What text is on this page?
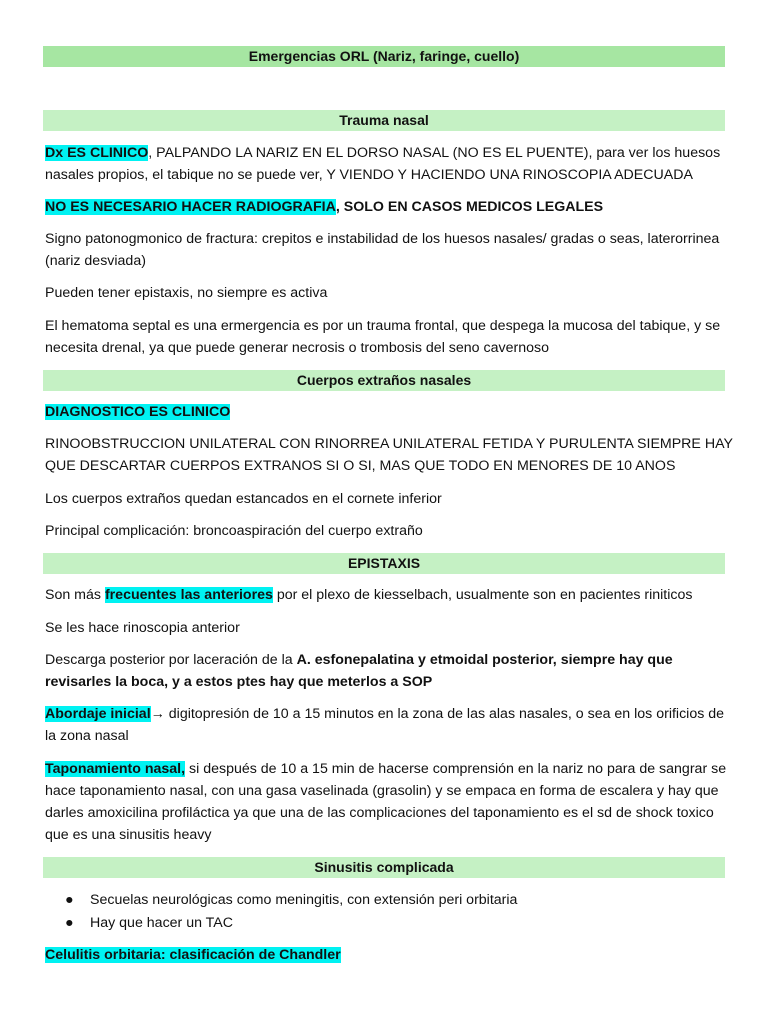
Emergencias ORL (Nariz, faringe, cuello)
Trauma nasal

Dx ES CLINICO, PALPANDO LA NARIZ EN EL DORSO NASAL (NO ES EL PUENTE), para ver los huesos nasales propios, el tabique no se puede ver, Y VIENDO Y HACIENDO UNA RINOSCOPIA ADECUADA

NO ES NECESARIO HACER RADIOGRAFIA, SOLO EN CASOS MEDICOS LEGALES

Signo patonogmonico de fractura: crepitos e instabilidad de los huesos nasales/ gradas o seas, laterorrinea (nariz desviada)

Pueden tener epistaxis, no siempre es activa

El hematoma septal es una ermergencia es por un trauma frontal, que despega la mucosa del tabique, y se necesita drenal, ya que puede generar necrosis o trombosis del seno cavernoso

Cuerpos extraños nasales

DIAGNOSTICO ES CLINICO

RINOOBSTRUCCION UNILATERAL CON RINORREA UNILATERAL FETIDA Y PURULENTA SIEMPRE HAY QUE DESCARTAR CUERPOS EXTRANOS SI O SI, MAS QUE TODO EN MENORES DE 10 ANOS

Los cuerpos extraños quedan estancados en el cornete inferior

Principal complicación: broncoaspiración del cuerpo extraño

EPISTAXIS

Son más frecuentes las anteriores por el plexo de kiesselbach, usualmente son en pacientes riniticos

Se les hace rinoscopia anterior

Descarga posterior por laceración de la A. esfonepalatina y etmoidal posterior, siempre hay que revisarles la boca, y a estos ptes hay que meterlos a SOP

Abordaje inicial→ digitopresión de 10 a 15 minutos en la zona de las alas nasales, o sea en los orificios de la zona nasal

Taponamiento nasal, si después de 10 a 15 min de hacerse comprensión en la nariz no para de sangrar se hace taponamiento nasal, con una gasa vaselinada (grasolin) y se empaca en forma de escalera y hay que darles amoxicilina profiláctica ya que una de las complicaciones del taponamiento es el sd de shock toxico que es una sinusitis heavy

Sinusitis complicada
● Secuelas neurológicas como meningitis, con extensión peri orbitaria
● Hay que hacer un TAC

Celulitis orbitaria: clasificación de Chandler
